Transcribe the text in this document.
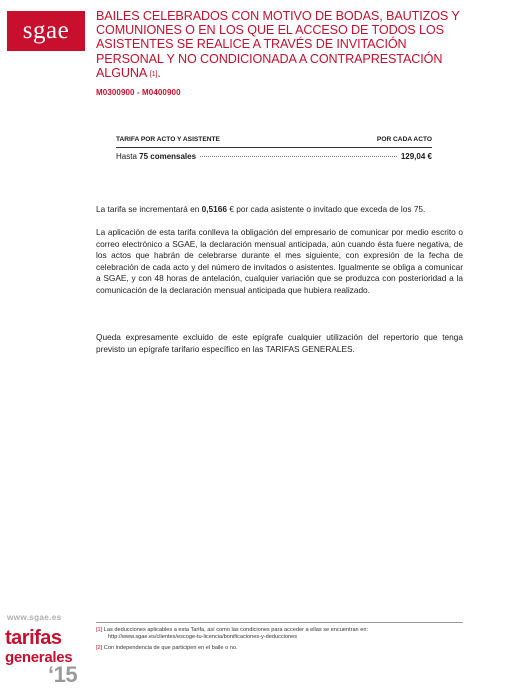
sgae
BAILES CELEBRADOS CON MOTIVO DE BODAS, BAUTIZOS Y COMUNIONES O EN LOS QUE EL ACCESO DE TODOS LOS ASISTENTES SE REALICE A TRAVÉS DE INVITACIÓN PERSONAL Y NO CONDICIONADA A CONTRAPRESTACIÓN ALGUNA [1].
M0300900 - M0400900
TARIFA POR ACTO Y ASISTENTE	POR CADA ACTO
Hasta 75 comensales	129,04 €

La tarifa se incrementará en 0,5166 € por cada asistente o invitado que exceda de los 75.

La aplicación de esta tarifa conlleva la obligación del empresario de comunicar por medio escrito o correo electrónico a SGAE, la declaración mensual anticipada, aún cuando ésta fuere negativa, de los actos que habrán de celebrarse durante el mes siguiente, con expresión de la fecha de celebración de cada acto y del número de invitados o asistentes. Igualmente se obliga a comunicar a SGAE, y con 48 horas de antelación, cualquier variación que se produzca con posterioridad a la comunicación de la declaración mensual anticipada que hubiera realizado.

Queda expresamente excluido de este epígrafe cualquier utilización del repertorio que tenga previsto un epígrafe tarifario específico en las TARIFAS GENERALES.

www.sgae.es
tarifas
generales
‘15
[1] Las deducciones aplicables a esta Tarifa, así como las condiciones para acceder a ellas se encuentran en:
http://www.sgae.es/clientes/escoge-tu-licencia/bonificaciones-y-deducciones
[2] Con independencia de que participen en el baile o no.
